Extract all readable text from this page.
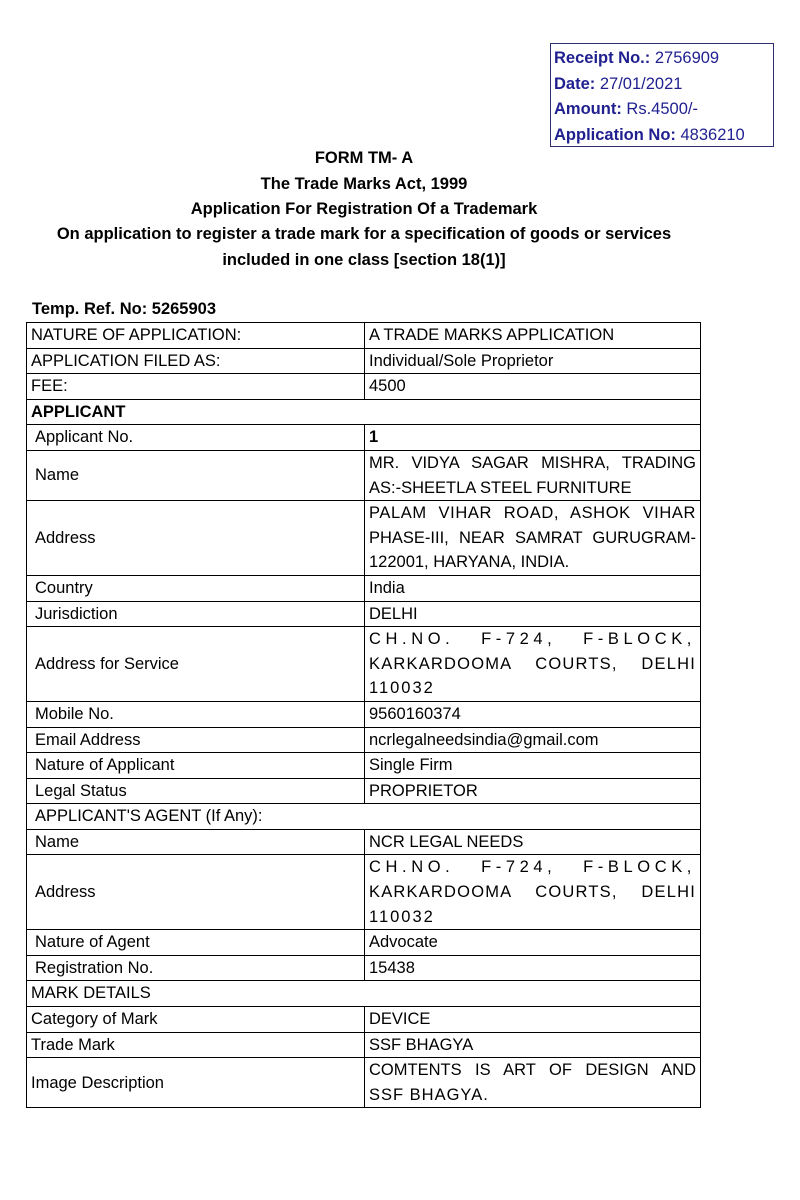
Receipt No.: 2756909
Date: 27/01/2021
Amount: Rs.4500/-
Application No: 4836210
FORM TM- A
The Trade Marks Act, 1999
Application For Registration Of a Trademark
On application to register a trade mark for a specification of goods or services
included in one class [section 18(1)]
Temp. Ref. No: 5265903
NATURE OF APPLICATION:	A TRADE MARKS APPLICATION
APPLICATION FILED AS:	Individual/Sole Proprietor
FEE:	4500
APPLICANT	
Applicant No.	1
Name	MR. VIDYA SAGAR MISHRA, TRADING
AS:-SHEETLA STEEL FURNITURE

Address	PALAM VIHAR ROAD, ASHOK VIHAR
PHASE-III, NEAR SAMRAT GURUGRAM-
122001, HARYANA, INDIA.

Country	India
Jurisdiction	DELHI
Address for Service	CH.NO. F-724, F-BLOCK,
KARKARDOOMA COURTS, DELHI
110032

Mobile No.	9560160374
Email Address	ncrlegalneedsindia@gmail.com
Nature of Applicant	Single Firm
Legal Status	PROPRIETOR
APPLICANT'S AGENT (If Any):	
Name	NCR LEGAL NEEDS
Address	CH.NO. F-724, F-BLOCK,
KARKARDOOMA COURTS, DELHI
110032

Nature of Agent	Advocate
Registration No.	15438
MARK DETAILS	
Category of Mark	DEVICE
Trade Mark	SSF BHAGYA
Image Description	COMTENTS IS ART OF DESIGN AND
SSF BHAGYA.
